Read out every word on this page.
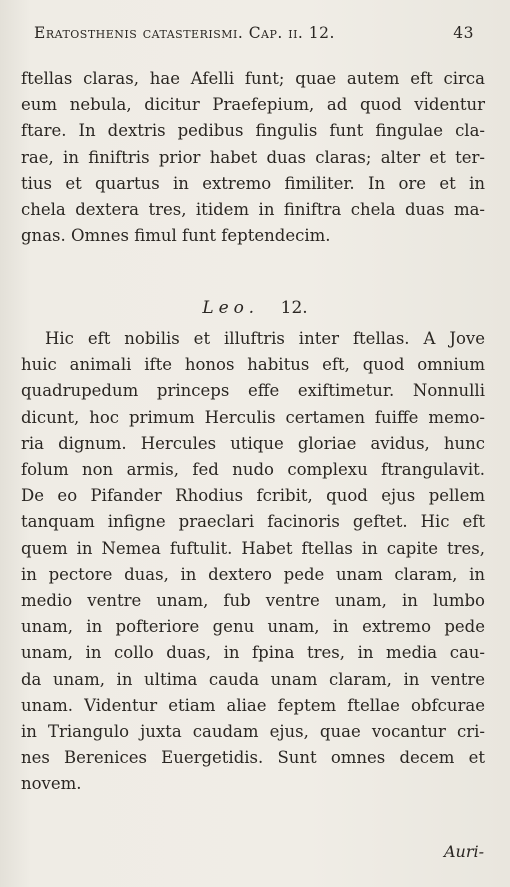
Eratosthenis catasterismi. Cap. ii. 12.	43
ftellas claras, hae Afelli funt; quae autem eft circa
eum nebula, dicitur Praefepium, ad quod videntur
ftare. In dextris pedibus fingulis funt fingulae cla-
rae, in finiftris prior habet duas claras; alter et ter-
tius et quartus in extremo fimiliter. In ore et in
chela dextera tres, itidem in finiftra chela duas ma-
gnas. Omnes fimul funt feptendecim.
Leo. 12.
Hic eft nobilis et illuftris inter ftellas. A Jove
huic animali ifte honos habitus eft, quod omnium
quadrupedum princeps effe exiftimetur. Nonnulli
dicunt, hoc primum Herculis certamen fuiffe memo-
ria dignum. Hercules utique gloriae avidus, hunc
folum non armis, fed nudo complexu ftrangulavit.
De eo Pifander Rhodius fcribit, quod ejus pellem
tanquam infigne praeclari facinoris geftet. Hic eft
quem in Nemea fuftulit. Habet ftellas in capite tres,
in pectore duas, in dextero pede unam claram, in
medio ventre unam, fub ventre unam, in lumbo
unam, in pofteriore genu unam, in extremo pede
unam, in collo duas, in fpina tres, in media cau-
da unam, in ultima cauda unam claram, in ventre
unam. Videntur etiam aliae feptem ftellae obfcurae
in Triangulo juxta caudam ejus, quae vocantur cri-
nes Berenices Euergetidis. Sunt omnes decem et
novem.
Auri-
